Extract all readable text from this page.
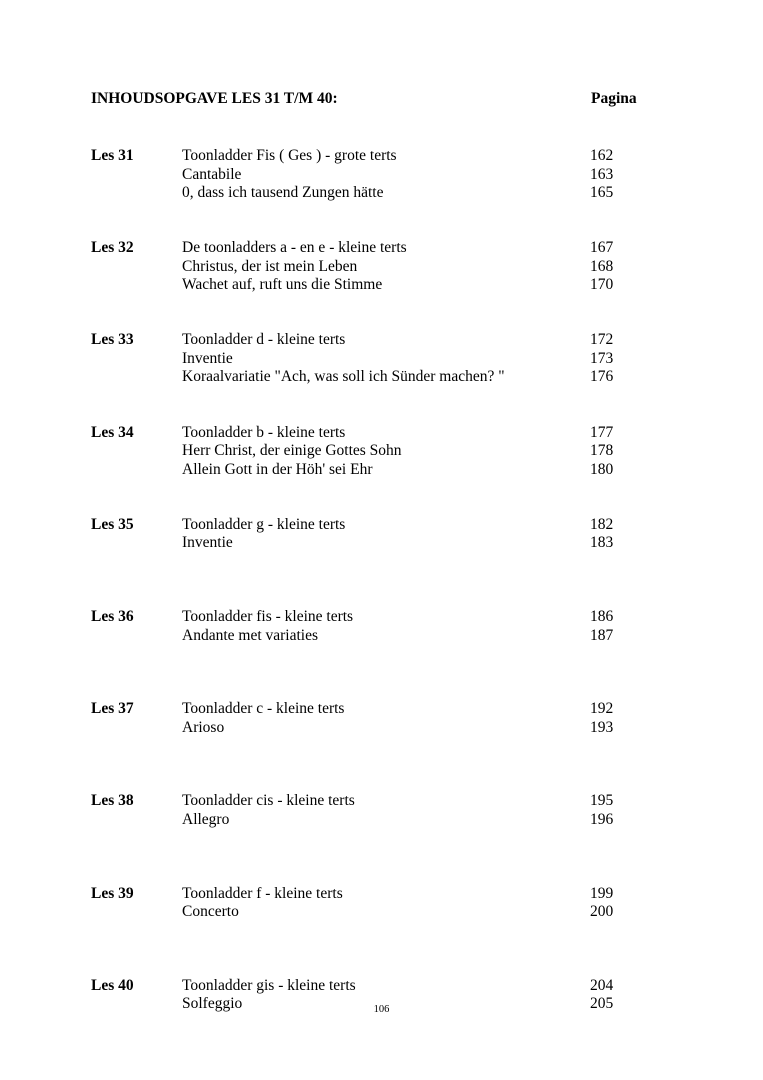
INHOUDSOPGAVE LES 31 T/M 40:	Pagina
Les 31	Toonladder Fis ( Ges ) - grote terts	162
Cantabile	163
0, dass ich tausend Zungen hätte	165
Les 32	De toonladders a - en e - kleine terts	167
Christus, der ist mein Leben	168
Wachet auf, ruft uns die Stimme	170
Les 33	Toonladder d - kleine terts	172
Inventie	173
Koraalvariatie "Ach, was soll ich Sünder machen? "	176
Les 34	Toonladder b - kleine terts	177
Herr Christ, der einige Gottes Sohn	178
Allein Gott in der Höh' sei Ehr	180
Les 35	Toonladder g - kleine terts	182
Inventie	183
Les 36	Toonladder fis - kleine terts	186
Andante met variaties	187
Les 37	Toonladder c - kleine terts	192
Arioso	193
Les 38	Toonladder cis - kleine terts	195
Allegro	196
Les 39	Toonladder f - kleine terts	199
Concerto	200
Les 40	Toonladder gis - kleine terts	204
Solfeggio	205
106
